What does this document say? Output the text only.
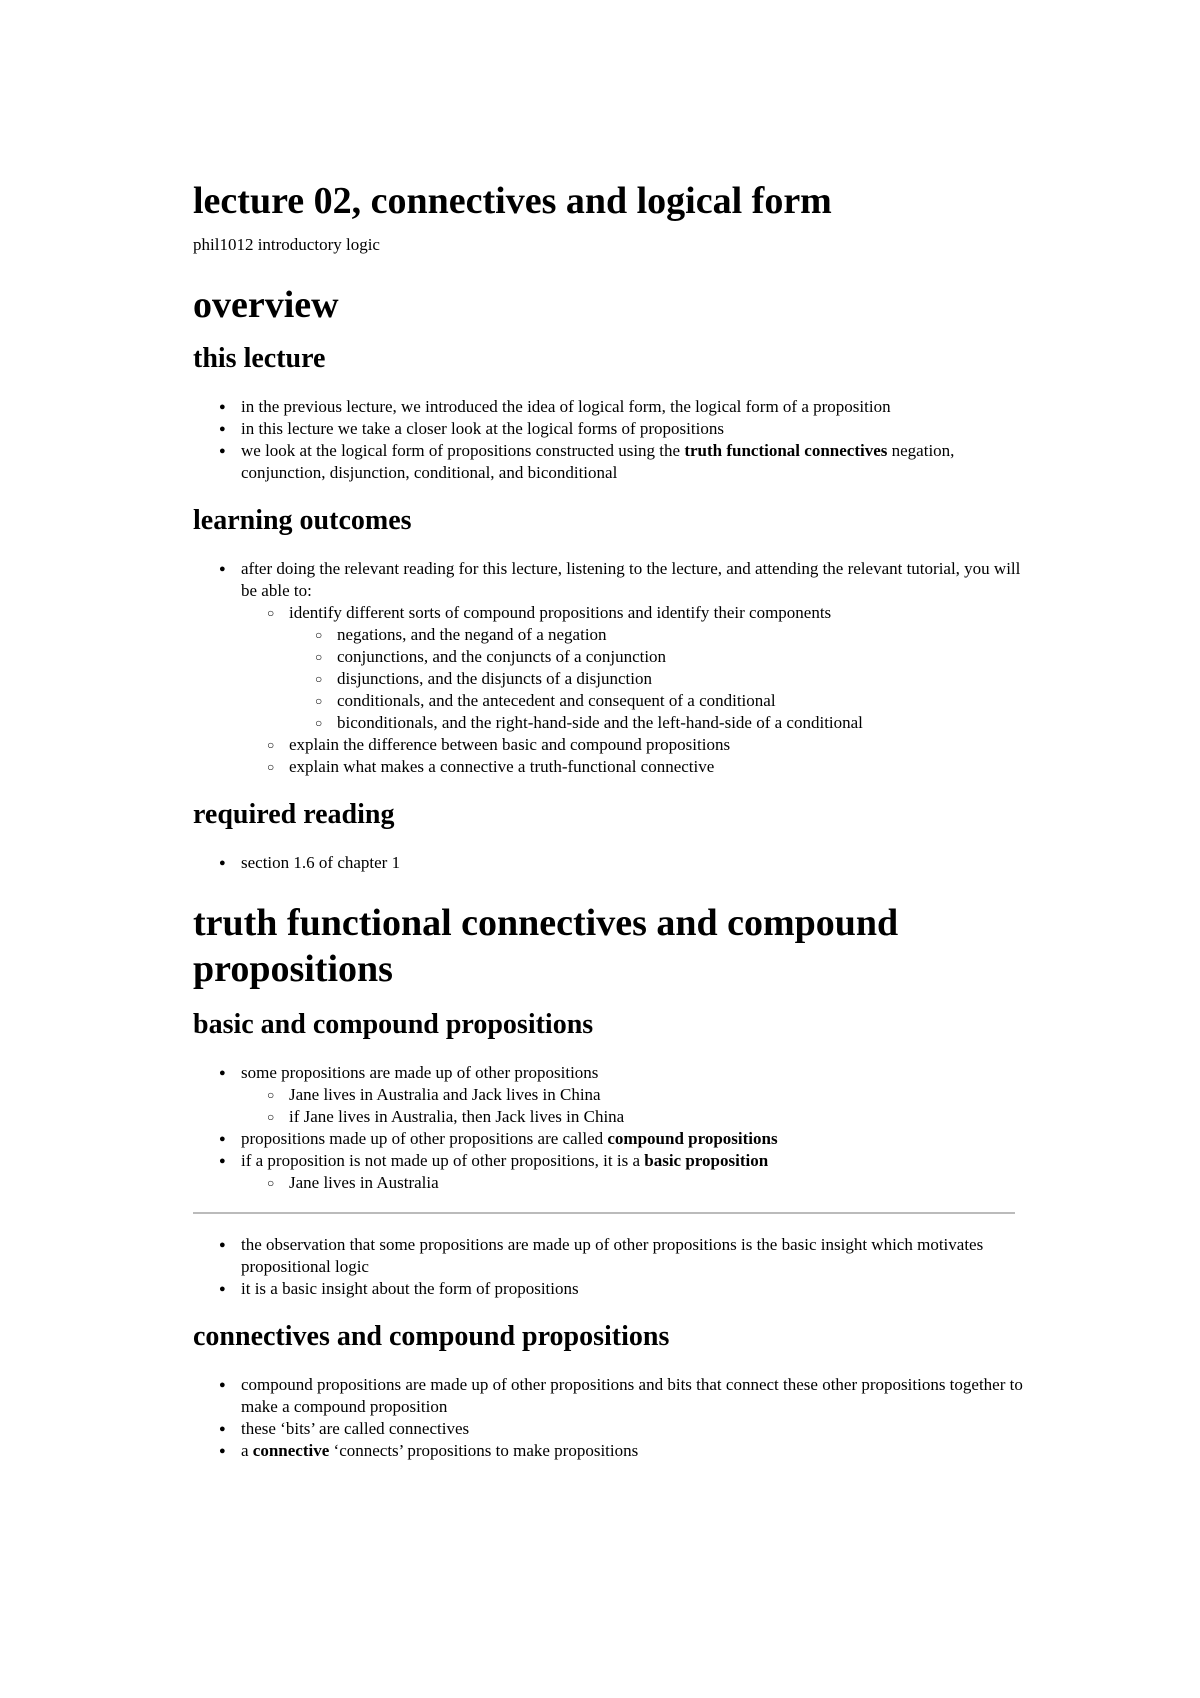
lecture 02, connectives and logical form

phil1012 introductory logic

overview
this lecture
● in the previous lecture, we introduced the idea of logical form, the logical form of a proposition
● in this lecture we take a closer look at the logical forms of propositions
● we look at the logical form of propositions constructed using the truth functional connectives negation, conjunction, disjunction, conditional, and biconditional
learning outcomes
● after doing the relevant reading for this lecture, listening to the lecture, and attending the relevant tutorial, you will be able to:
○ identify different sorts of compound propositions and identify their components
○ negations, and the negand of a negation
○ conjunctions, and the conjuncts of a conjunction
○ disjunctions, and the disjuncts of a disjunction
○ conditionals, and the antecedent and consequent of a conditional
○ biconditionals, and the right-hand-side and the left-hand-side of a conditional
○ explain the difference between basic and compound propositions
○ explain what makes a connective a truth-functional connective
required reading
● section 1.6 of chapter 1
truth functional connectives and compound propositions
basic and compound propositions
● some propositions are made up of other propositions
○ Jane lives in Australia and Jack lives in China
○ if Jane lives in Australia, then Jack lives in China
● propositions made up of other propositions are called compound propositions
● if a proposition is not made up of other propositions, it is a basic proposition
○ Jane lives in Australia
● the observation that some propositions are made up of other propositions is the basic insight which motivates propositional logic
● it is a basic insight about the form of propositions
connectives and compound propositions
● compound propositions are made up of other propositions and bits that connect these other propositions together to make a compound proposition
● these ‘bits’ are called connectives
● a connective ‘connects’ propositions to make propositions
